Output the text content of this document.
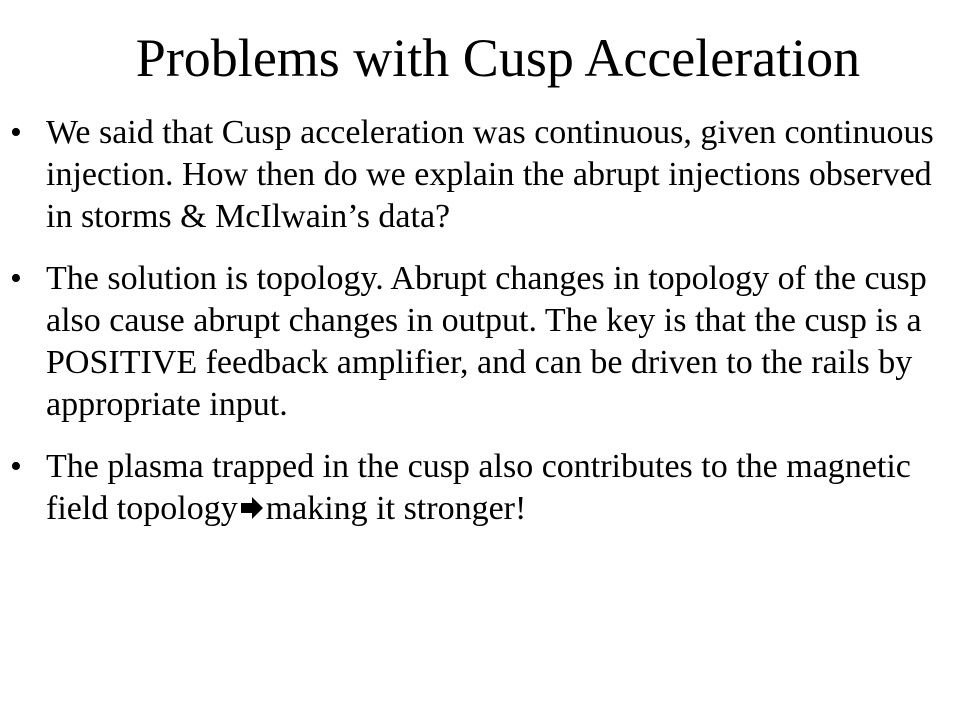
Problems with Cusp Acceleration
• We said that Cusp acceleration was continuous, given continuous injection. How then do we explain the abrupt injections observed in storms & McIlwain’s data?
• The solution is topology. Abrupt changes in topology of the cusp also cause abrupt changes in output. The key is that the cusp is a POSITIVE feedback amplifier, and can be driven to the rails by appropriate input.
• The plasma trapped in the cusp also contributes to the magnetic field topology making it stronger!
